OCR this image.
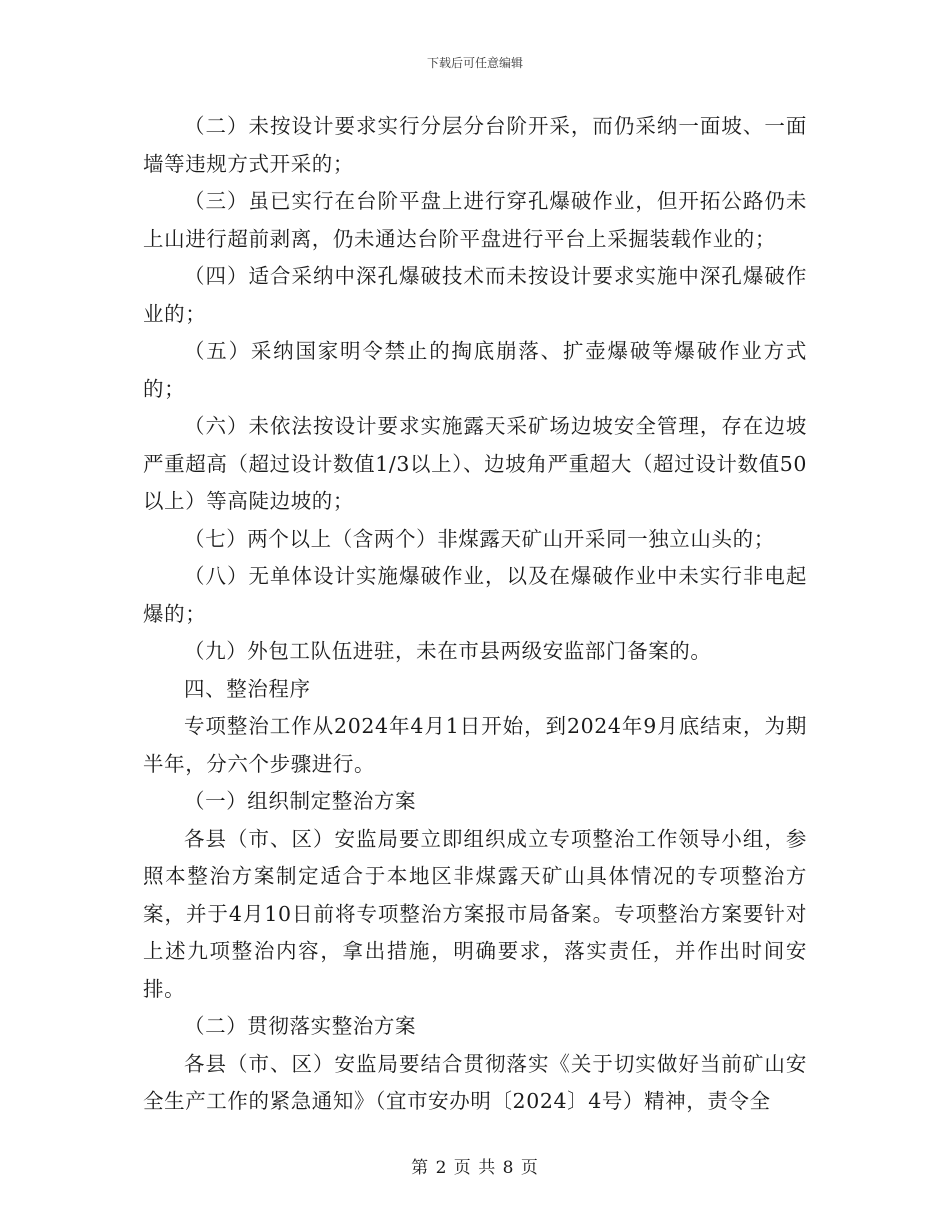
下载后可任意编辑

（二）未按设计要求实行分层分台阶开采，而仍采纳一面坡、一面墙等违规方式开采的；

（三）虽已实行在台阶平盘上进行穿孔爆破作业，但开拓公路仍未上山进行超前剥离，仍未通达台阶平盘进行平台上采掘装载作业的；

（四）适合采纳中深孔爆破技术而未按设计要求实施中深孔爆破作业的；

（五）采纳国家明令禁止的掏底崩落、扩壶爆破等爆破作业方式的；

（六）未依法按设计要求实施露天采矿场边坡安全管理，存在边坡严重超高（超过设计数值1/3以上）、边坡角严重超大（超过设计数值50以上）等高陡边坡的；

（七）两个以上（含两个）非煤露天矿山开采同一独立山头的；

（八）无单体设计实施爆破作业，以及在爆破作业中未实行非电起爆的；

（九）外包工队伍进驻，未在市县两级安监部门备案的。

四、整治程序

专项整治工作从2024年4月1日开始，到2024年9月底结束，为期半年，分六个步骤进行。

（一）组织制定整治方案

各县（市、区）安监局要立即组织成立专项整治工作领导小组，参照本整治方案制定适合于本地区非煤露天矿山具体情况的专项整治方案，并于4月10日前将专项整治方案报市局备案。专项整治方案要针对上述九项整治内容，拿出措施，明确要求，落实责任，并作出时间安排。

（二）贯彻落实整治方案

各县（市、区）安监局要结合贯彻落实《关于切实做好当前矿山安全生产工作的紧急通知》（宜市安办明〔2024〕4号）精神，责令全

第 2 页 共 8 页
